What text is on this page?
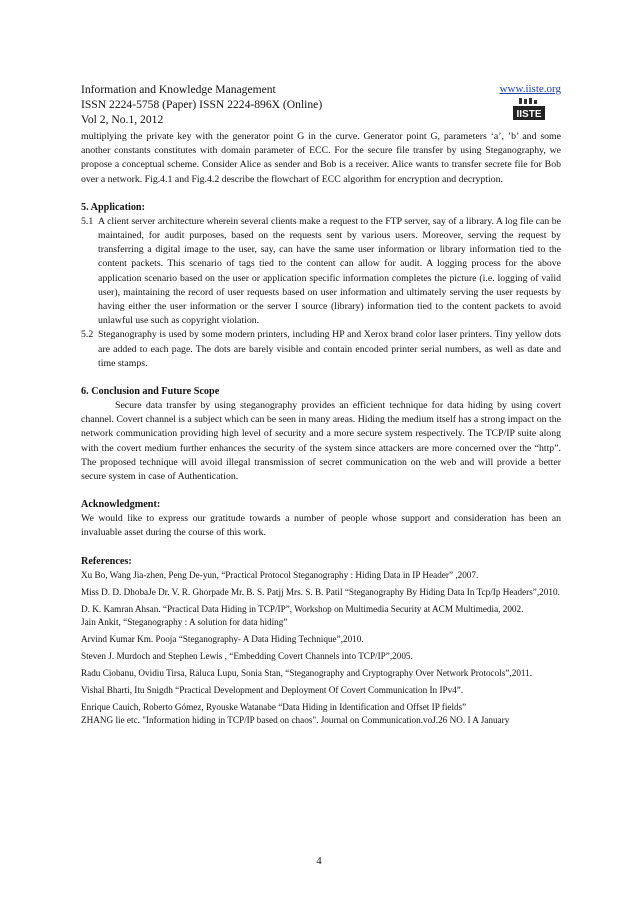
Information and Knowledge Management	www.iiste.org
ISSN 2224-5758 (Paper) ISSN 2224-896X (Online)
Vol 2, No.1, 2012	IISTE

multiplying the private key with the generator point G in the curve. Generator point G, parameters ‘a’, ’b’ and some another constants constitutes with domain parameter of ECC. For the secure file transfer by using Steganography, we propose a conceptual scheme. Consider Alice as sender and Bob is a receiver. Alice wants to transfer secrete file for Bob over a network. Fig.4.1 and Fig.4.2 describe the flowchart of ECC algorithm for encryption and decryption.

5. Application:
5.1 A client server architecture wherein several clients make a request to the FTP server, say of a library. A log file can be maintained, for audit purposes, based on the requests sent by various users. Moreover, serving the request by transferring a digital image to the user, say, can have the same user information or library information tied to the content packets. This scenario of tags tied to the content can allow for audit. A logging process for the above application scenario based on the user or application specific information completes the picture (i.e. logging of valid user), maintaining the record of user requests based on user information and ultimately serving the user requests by having either the user information or the server I source (library) information tied to the content packets to avoid unlawful use such as copyright violation.
5.2 Steganography is used by some modern printers, including HP and Xerox brand color laser printers. Tiny yellow dots are added to each page. The dots are barely visible and contain encoded printer serial numbers, as well as date and time stamps.
6. Conclusion and Future Scope

Secure data transfer by using steganography provides an efficient technique for data hiding by using covert channel. Covert channel is a subject which can be seen in many areas. Hiding the medium itself has a strong impact on the network communication providing high level of security and a more secure system respectively. The TCP/IP suite along with the covert medium further enhances the security of the system since attackers are more concerned over the “http”. The proposed technique will avoid illegal transmission of secret communication on the web and will provide a better secure system in case of Authentication.

Acknowledgment:

We would like to express our gratitude towards a number of people whose support and consideration has been an invaluable asset during the course of this work.

References:
Xu Bo, Wang Jia-zhen, Peng De-yun, “Practical Protocol Steganography : Hiding Data in IP Header” ,2007.
Miss D. D. DhobaJe Dr. V. R. Ghorpade Mr. B. S. Patjj Mrs. S. B. Patil “Steganography By Hiding Data In Tcp/Ip Headers”,2010.
D. K. Kamran Ahsan. “Practical Data Hiding in TCP/IP”, Workshop on Multimedia Security at ACM Multimedia, 2002.
Jain Ankit, “Steganography : A solution for data hiding”
Arvind Kumar Km. Pooja “Steganography- A Data Hiding Technique”,2010.
Steven J. Murdoch and Stephen Lewis , “Embedding Covert Channels into TCP/IP”,2005.
Radu Ciobanu, Ovidiu Tirsa, Raluca Lupu, Sonia Stan, “Steganography and Cryptography Over Network Protocols”,2011.
Vishal Bharti, Itu Snigdh “Practical Development and Deployment Of Covert Communication In IPv4”.
Enrique Cauich, Roberto Gómez, Ryouske Watanabe “Data Hiding in Identification and Offset IP fields”
ZHANG lie etc. "Information hiding in TCP/IP based on chaos". Journal on Communication.voJ.26 NO. I A January
4
